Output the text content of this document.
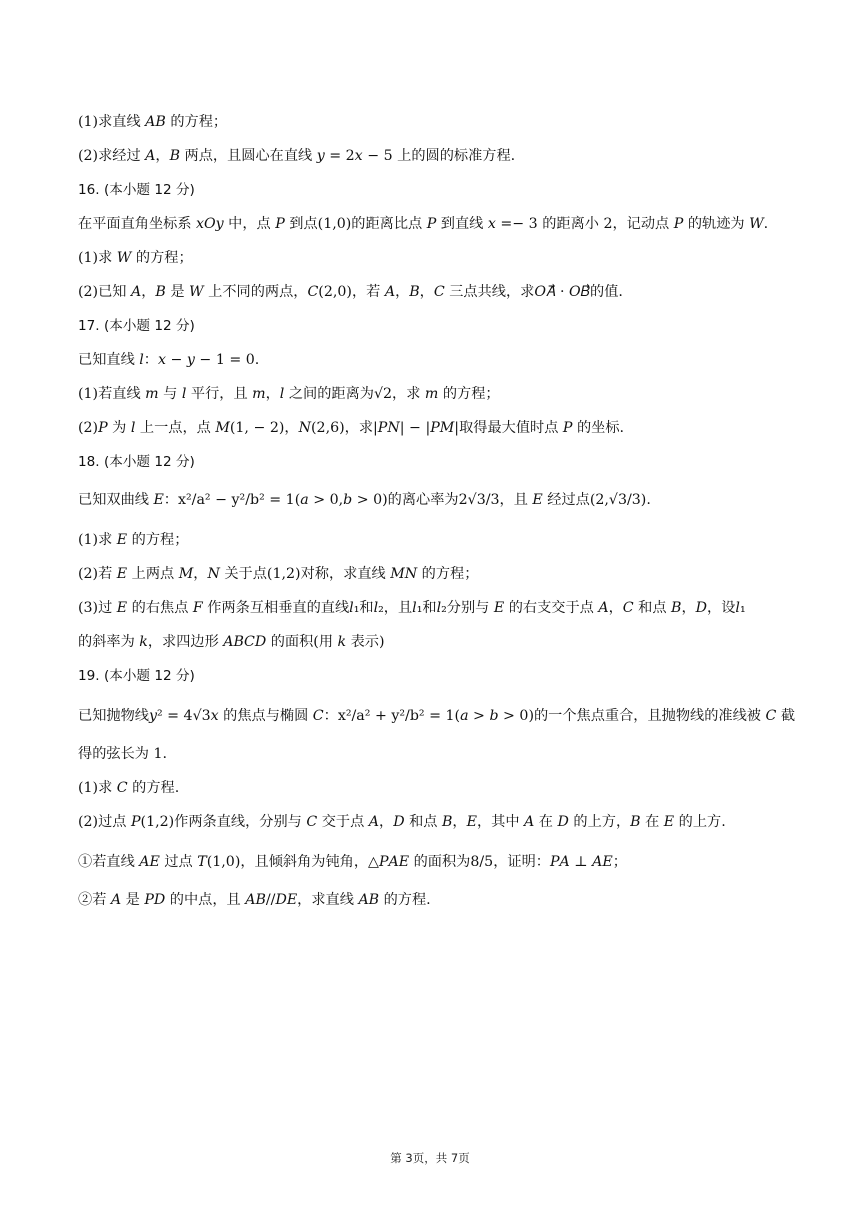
(1)求直线 𝐴𝐵 的方程；
(2)求经过 𝐴，𝐵 两点，且圆心在直线 𝑦 = 2𝑥 − 5 上的圆的标准方程.
16. (本小题 12 分)
在平面直角坐标系 𝑥𝑂𝑦 中，点 𝑃 到点(1,0)的距离比点 𝑃 到直线 𝑥 =− 3 的距离小 2，记动点 𝑃 的轨迹为 𝑊.
(1)求 𝑊 的方程；
(2)已知 𝐴，𝐵 是 𝑊 上不同的两点，𝐶(2,0)，若 𝐴，𝐵，𝐶 三点共线，求𝑂𝐴⃗ · 𝑂𝐵⃗的值.
17. (本小题 12 分)
已知直线 𝑙：𝑥 − 𝑦 − 1 = 0.
(1)若直线 𝑚 与 𝑙 平行，且 𝑚，𝑙 之间的距离为√2，求 𝑚 的方程；
(2)𝑃 为 𝑙 上一点，点 𝑀(1, − 2)，𝑁(2,6)，求|𝑃𝑁| − |𝑃𝑀|取得最大值时点 𝑃 的坐标.
18. (本小题 12 分)
已知双曲线 𝐸：x²/a² − y²/b² = 1(𝑎 > 0,𝑏 > 0)的离心率为2√3/3，且 𝐸 经过点(2,√3/3).
(1)求 𝐸 的方程；
(2)若 𝐸 上两点 𝑀，𝑁 关于点(1,2)对称，求直线 𝑀𝑁 的方程；
(3)过 𝐸 的右焦点 𝐹 作两条互相垂直的直线𝑙₁和𝑙₂，且𝑙₁和𝑙₂分别与 𝐸 的右支交于点 𝐴，𝐶 和点 𝐵，𝐷，设𝑙₁
的斜率为 𝑘，求四边形 𝐴𝐵𝐶𝐷 的面积(用 𝑘 表示)
19. (本小题 12 分)
已知抛物线𝑦² = 4√3𝑥 的焦点与椭圆 𝐶：x²/a² + y²/b² = 1(𝑎 > 𝑏 > 0)的一个焦点重合，且抛物线的准线被 𝐶 截
得的弦长为 1.
(1)求 𝐶 的方程.
(2)过点 𝑃(1,2)作两条直线，分别与 𝐶 交于点 𝐴，𝐷 和点 𝐵，𝐸，其中 𝐴 在 𝐷 的上方，𝐵 在 𝐸 的上方.
①若直线 𝐴𝐸 过点 𝑇(1,0)，且倾斜角为钝角，△𝑃𝐴𝐸 的面积为8/5，证明：𝑃𝐴 ⊥ 𝐴𝐸；
②若 𝐴 是 𝑃𝐷 的中点，且 𝐴𝐵//𝐷𝐸，求直线 𝐴𝐵 的方程.
第 3页，共 7页
